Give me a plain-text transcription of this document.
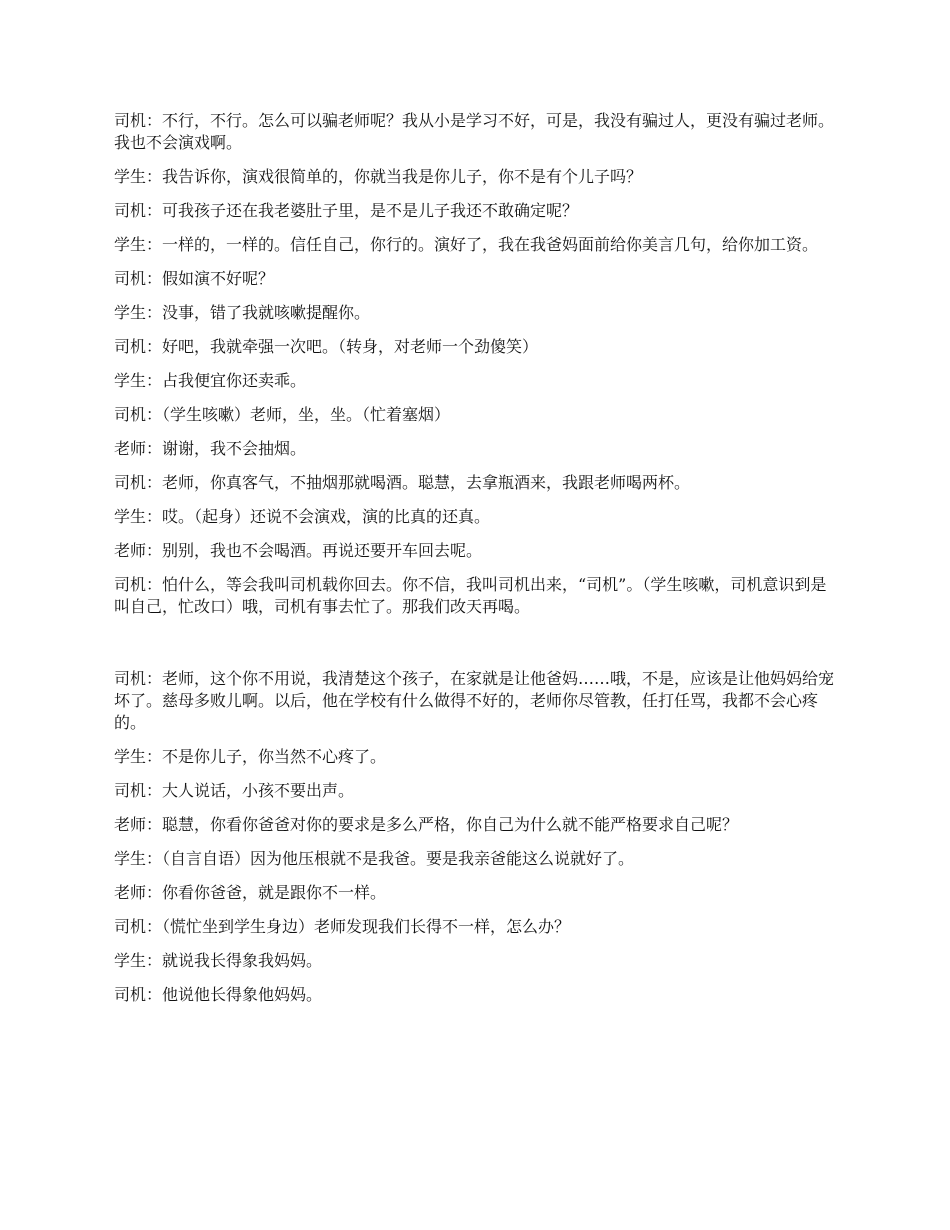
司机：不行，不行。怎么可以骗老师呢？我从小是学习不好，可是，我没有骗过人，更没有骗过老师。我也不会演戏啊。

学生：我告诉你，演戏很简单的，你就当我是你儿子，你不是有个儿子吗？

司机：可我孩子还在我老婆肚子里，是不是儿子我还不敢确定呢？

学生：一样的，一样的。信任自己，你行的。演好了，我在我爸妈面前给你美言几句，给你加工资。

司机：假如演不好呢？

学生：没事，错了我就咳嗽提醒你。

司机：好吧，我就牵强一次吧。（转身，对老师一个劲傻笑）

学生：占我便宜你还卖乖。

司机：（学生咳嗽）老师，坐，坐。（忙着塞烟）

老师：谢谢，我不会抽烟。

司机：老师，你真客气，不抽烟那就喝酒。聪慧，去拿瓶酒来，我跟老师喝两杯。

学生：哎。（起身）还说不会演戏，演的比真的还真。

老师：别别，我也不会喝酒。再说还要开车回去呢。

司机：怕什么，等会我叫司机载你回去。你不信，我叫司机出来，“司机”。（学生咳嗽，司机意识到是叫自己，忙改口）哦，司机有事去忙了。那我们改天再喝。

司机：老师，这个你不用说，我清楚这个孩子，在家就是让他爸妈……哦，不是，应该是让他妈妈给宠坏了。慈母多败儿啊。以后，他在学校有什么做得不好的，老师你尽管教，任打任骂，我都不会心疼的。

学生：不是你儿子，你当然不心疼了。

司机：大人说话，小孩不要出声。

老师：聪慧，你看你爸爸对你的要求是多么严格，你自己为什么就不能严格要求自己呢？

学生：（自言自语）因为他压根就不是我爸。要是我亲爸能这么说就好了。

老师：你看你爸爸，就是跟你不一样。

司机：（慌忙坐到学生身边）老师发现我们长得不一样，怎么办？

学生：就说我长得象我妈妈。

司机：他说他长得象他妈妈。
